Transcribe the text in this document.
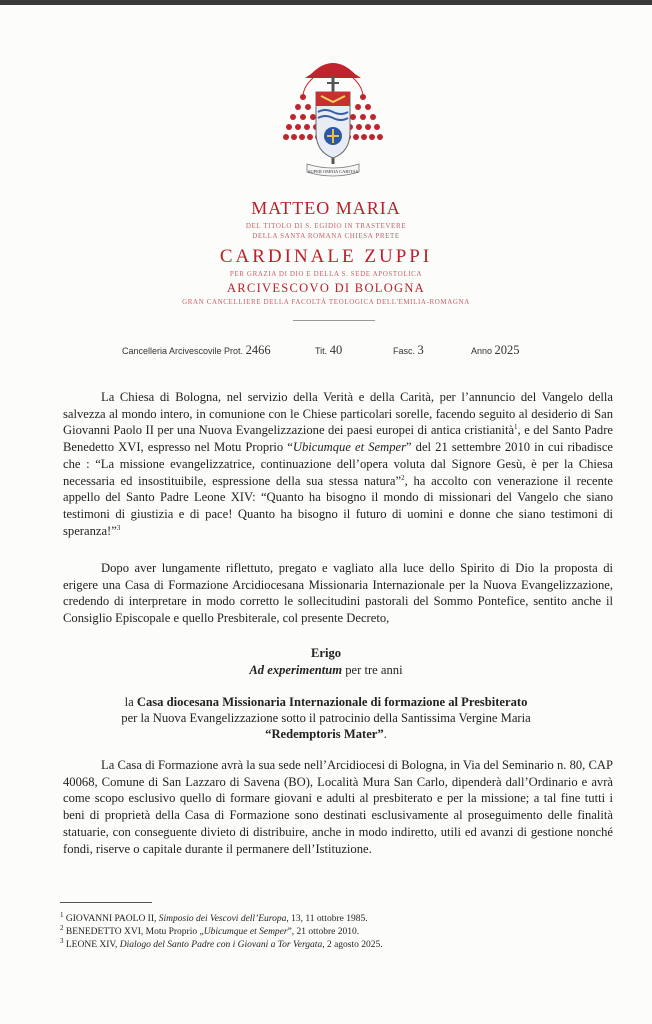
SUPER OMNIA CARITAS
MATTEO MARIA
DEL TITOLO DI S. EGIDIO IN TRASTEVERE
DELLA SANTA ROMANA CHIESA PRETE
CARDINALE ZUPPI
PER GRAZIA DI DIO E DELLA S. SEDE APOSTOLICA
ARCIVESCOVO DI BOLOGNA
GRAN CANCELLIERE DELLA FACOLTÀ TEOLOGICA DELL'EMILIA-ROMAGNA
Cancelleria Arcivescovile Prot. 2466	Tit. 40	Fasc. 3	Anno 2025
La Chiesa di Bologna, nel servizio della Verità e della Carità, per l’annuncio del Vangelo della salvezza al mondo intero, in comunione con le Chiese particolari sorelle, facendo seguito al desiderio di San Giovanni Paolo II per una Nuova Evangelizzazione dei paesi europei di antica cristianità$^1$, e del Santo Padre Benedetto XVI, espresso nel Motu Proprio “Ubicumque et Semper” del 21 settembre 2010 in cui ribadisce che : “La missione evangelizzatrice, continuazione dell’opera voluta dal Signore Gesù, è per la Chiesa necessaria ed insostituibile, espressione della sua stessa natura”$^2$, ha accolto con venerazione il recente appello del Santo Padre Leone XIV: “Quanto ha bisogno il mondo di missionari del Vangelo che siano testimoni di giustizia e di pace! Quanto ha bisogno il futuro di uomini e donne che siano testimoni di speranza!”$^3$
Dopo aver lungamente riflettuto, pregato e vagliato alla luce dello Spirito di Dio la proposta di erigere una Casa di Formazione Arcidiocesana Missionaria Internazionale per la Nuova Evangelizzazione, credendo di interpretare in modo corretto le sollecitudini pastorali del Sommo Pontefice, sentito anche il Consiglio Episcopale e quello Presbiterale, col presente Decreto,
Erigo
Ad experimentum per tre anni
la Casa diocesana Missionaria Internazionale di formazione al Presbiterato
per la Nuova Evangelizzazione sotto il patrocinio della Santissima Vergine Maria
“Redemptoris Mater”.
La Casa di Formazione avrà la sua sede nell’Arcidiocesi di Bologna, in Via del Seminario n. 80, CAP 40068, Comune di San Lazzaro di Savena (BO), Località Mura San Carlo, dipenderà dall’Ordinario e avrà come scopo esclusivo quello di formare giovani e adulti al presbiterato e per la missione; a tal fine tutti i beni di proprietà della Casa di Formazione sono destinati esclusivamente al proseguimento delle finalità statuarie, con conseguente divieto di distribuire, anche in modo indiretto, utili ed avanzi di gestione nonché fondi, riserve o capitale durante il permanere dell’Istituzione.
$^1$ GIOVANNI PAOLO II, Simposio dei Vescovi dell’Europa, 13, 11 ottobre 1985.
$^2$ BENEDETTO XVI, Motu Proprio „Ubicumque et Semper”, 21 ottobre 2010.
$^3$ LEONE XIV, Dialogo del Santo Padre con i Giovani a Tor Vergata, 2 agosto 2025.
